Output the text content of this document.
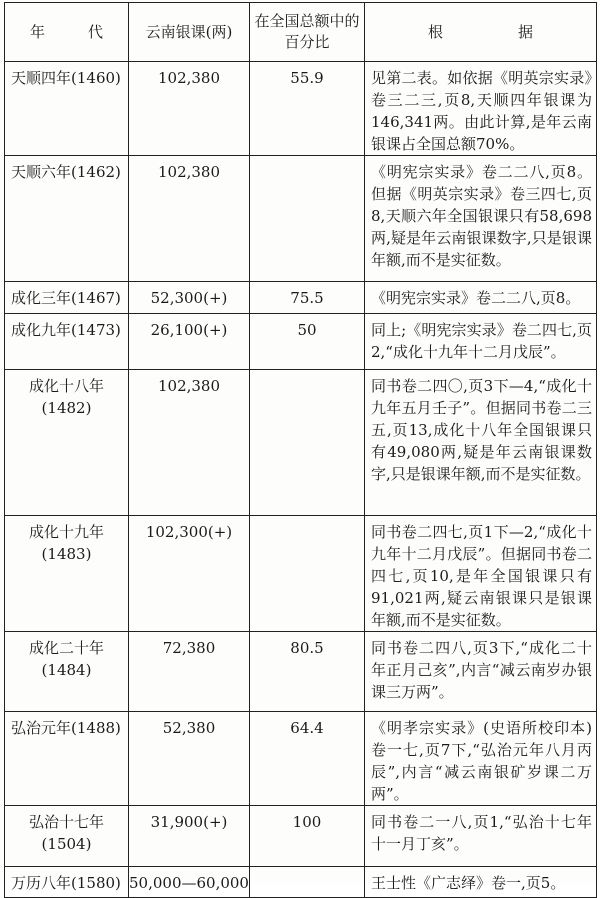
年　代	云南银课(两)	在全国总额中的百分比	根　据
天顺四年(1460)	102,380	55.9	见第二表。如依据《明英宗实录》卷三二三,页8,天顺四年银课为146,341两。由此计算,是年云南银课占全国总额70%。
天顺六年(1462)	102,380		《明宪宗实录》卷二二八,页8。但据《明英宗实录》卷三四七,页8,天顺六年全国银课只有58,698两,疑是年云南银课数字,只是银课年额,而不是实征数。
成化三年(1467)	52,300(+)	75.5	《明宪宗实录》卷二二八,页8。
成化九年(1473)	26,100(+)	50	同上;《明宪宗实录》卷二四七,页2,“成化十九年十二月戊辰”。
成化十八年(1482)	102,380		同书卷二四〇,页3下—4,“成化十九年五月壬子”。但据同书卷二三五,页13,成化十八年全国银课只有49,080两,疑是年云南银课数字,只是银课年额,而不是实征数。
成化十九年(1483)	102,300(+)		同书卷二四七,页1下—2,“成化十九年十二月戊辰”。但据同书卷二四七,页10,是年全国银课只有91,021两,疑云南银课只是银课年额,而不是实征数。
成化二十年(1484)	72,380	80.5	同书卷二四八,页3下,“成化二十年正月己亥”,内言“减云南岁办银课三万两”。
弘治元年(1488)	52,380	64.4	《明孝宗实录》(史语所校印本)卷一七,页7下,“弘治元年八月丙辰”,内言“减云南银矿岁课二万两”。
弘治十七年(1504)	31,900(+)	100	同书卷二一八,页1,“弘治十七年十一月丁亥”。
万历八年(1580)	50,000—60,000		王士性《广志绎》卷一,页5。
